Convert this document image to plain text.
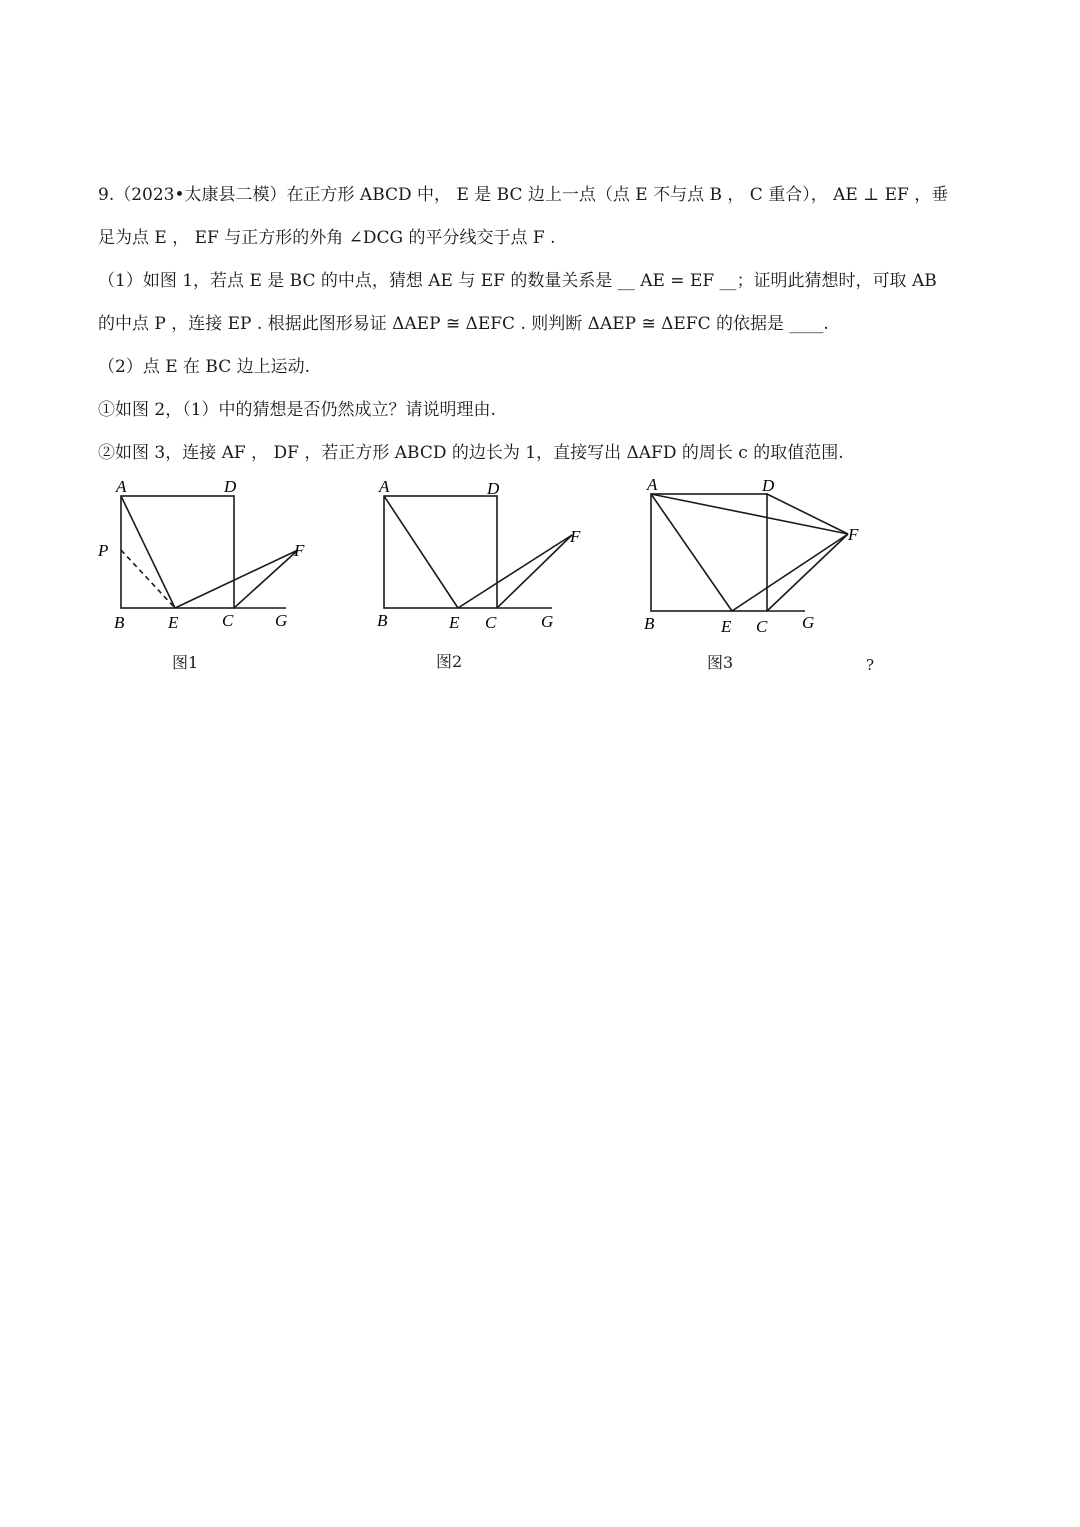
9.（2023•太康县二模）在正方形 ABCD 中， E 是 BC 边上一点（点 E 不与点 B ， C 重合）， AE ⊥ EF ，垂
足为点 E ， EF 与正方形的外角 ∠DCG 的平分线交于点 F .
（1）如图 1，若点 E 是 BC 的中点，猜想 AE 与 EF 的数量关系是 __ AE = EF __；证明此猜想时，可取 AB
的中点 P ，连接 EP . 根据此图形易证 ΔAEP ≅ ΔEFC . 则判断 ΔAEP ≅ ΔEFC 的依据是 ____.
（2）点 E 在 BC 边上运动.
①如图 2，（1）中的猜想是否仍然成立？请说明理由.
②如图 3，连接 AF ， DF ，若正方形 ABCD 的边长为 1，直接写出 ΔAFD 的周长 c 的取值范围.
A	D
P	F
B	E	C G
图1
A	D
F
B	E C	G
图2
A	D
F
B	E C G
图3	?
